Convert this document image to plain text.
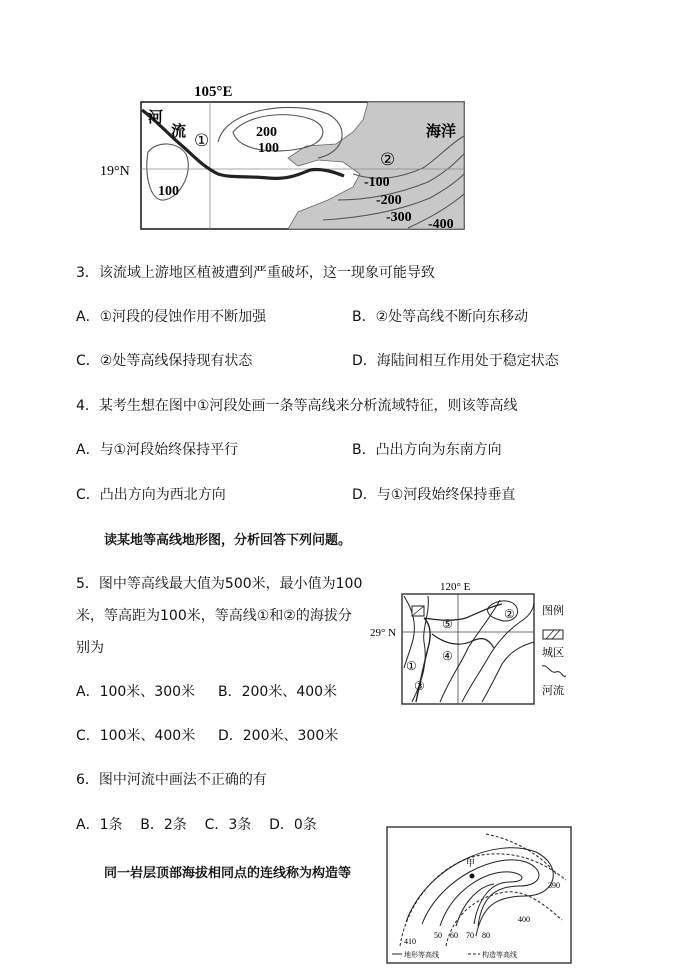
105°E
19°N
河
流 ①
②
海洋
200
100
100
-100
-200
-300 -400
3．该流域上游地区植被遭到严重破坏，这一现象可能导致
A．①河段的侵蚀作用不断加强	B．②处等高线不断向东移动
C．②处等高线保持现有状态	D．海陆间相互作用处于稳定状态
4．某考生想在图中①河段处画一条等高线来分析流域特征，则该等高线
A．与①河段始终保持平行	B．凸出方向为东南方向
C．凸出方向为西北方向	D．与①河段始终保持垂直
读某地等高线地形图，分析回答下列问题。
5．图中等高线最大值为500米，最小值为100
米，等高距为100米，等高线①和②的海拔分
别为
A．100米、300米 B．200米、400米
C．100米、400米 D．200米、300米
①
②
③
④
⑤
120° E
29° N
图例
城区
河流
6．图中河流中画法不正确的有
A．1条    B．2条    C．3条    D．0条
同一岩层顶部海拔相同点的连线称为构造等
甲
390
400
410
50 60 70 80
地形等高线	构造等高线
